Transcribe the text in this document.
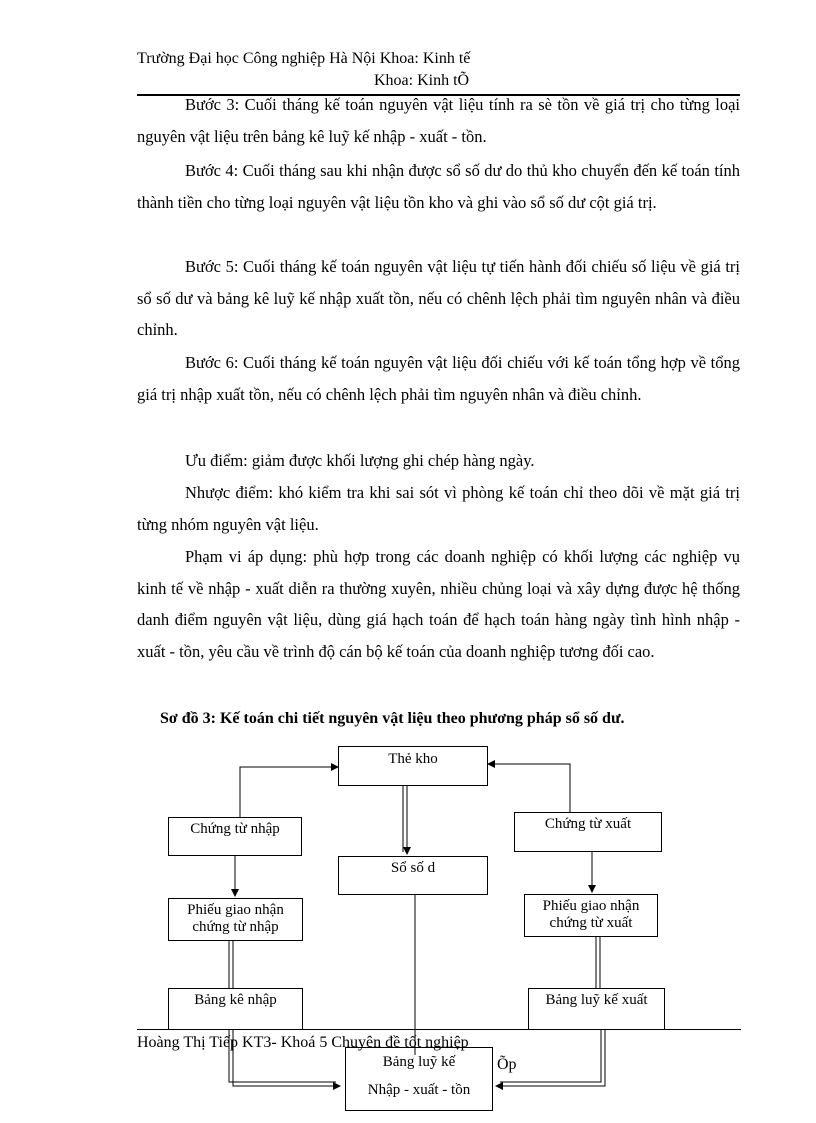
Trường Đại học Công nghiệp Hà Nội Khoa: Kinh tế
Khoa: Kinh tÕ

Bước 3: Cuối tháng kế toán nguyên vật liệu tính ra sè tồn về giá trị cho từng loại nguyên vật liệu trên bảng kê luỹ kế nhập - xuất - tồn.

Bước 4: Cuối tháng sau khi nhận được sổ số dư do thủ kho chuyển đến kế toán tính thành tiền cho từng loại nguyên vật liệu tồn kho và ghi vào sổ số dư cột giá trị.

Bước 5: Cuối tháng kế toán nguyên vật liệu tự tiến hành đối chiếu số liệu về giá trị sổ số dư và bảng kê luỹ kế nhập xuất tồn, nếu có chênh lệch phải tìm nguyên nhân và điều chỉnh.

Bước 6: Cuối tháng kế toán nguyên vật liệu đối chiếu với kế toán tổng hợp về tổng giá trị nhập xuất tồn, nếu có chênh lệch phải tìm nguyên nhân và điều chỉnh.

Ưu điểm: giảm được khối lượng ghi chép hàng ngày.

Nhược điểm: khó kiểm tra khi sai sót vì phòng kế toán chỉ theo dõi về mặt giá trị từng nhóm nguyên vật liệu.

Phạm vi áp dụng: phù hợp trong các doanh nghiệp có khối lượng các nghiệp vụ kinh tế về nhập - xuất diễn ra thường xuyên, nhiều chủng loại và xây dựng được hệ thống danh điểm nguyên vật liệu, dùng giá hạch toán để hạch toán hàng ngày tình hình nhập - xuất - tồn, yêu cầu về trình độ cán bộ kế toán của doanh nghiệp tương đối cao.

Sơ đồ 3: Kế toán chi tiết nguyên vật liệu theo phương pháp sổ số dư.
Thẻ kho
Chứng từ nhập	Chứng từ xuất
Sổ số d
Phiếu giao nhận
chứng từ nhập
Phiếu giao nhận
chứng từ xuất
Bảng kê nhập	Bảng luỹ kế xuất
Hoàng Thị Tiếp KT3- Khoá 5 Chuyên đề tốt nghiệp
Bảng luỹ kế
Nhập - xuất - tồn
Õp
